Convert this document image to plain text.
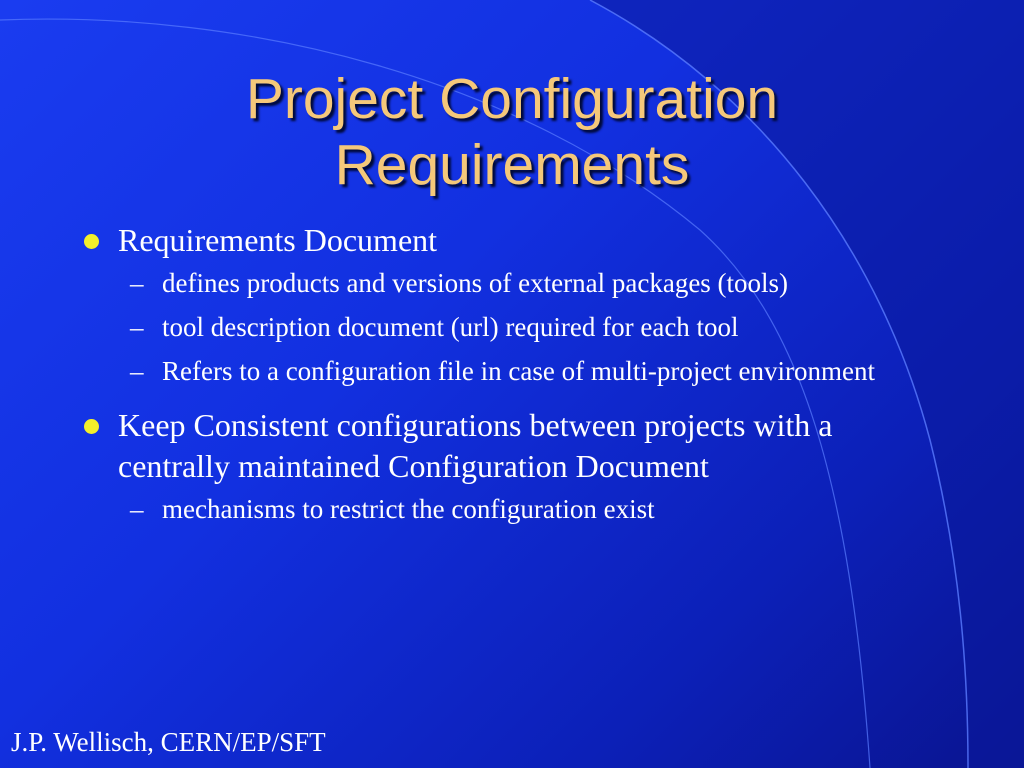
Project Configuration
Requirements
Requirements Document
– defines products and versions of external packages (tools)
– tool description document (url) required for each tool
– Refers to a configuration file in case of multi-project environment
Keep Consistent configurations between projects with a centrally maintained Configuration Document
– mechanisms to restrict the configuration exist
J.P. Wellisch, CERN/EP/SFT
